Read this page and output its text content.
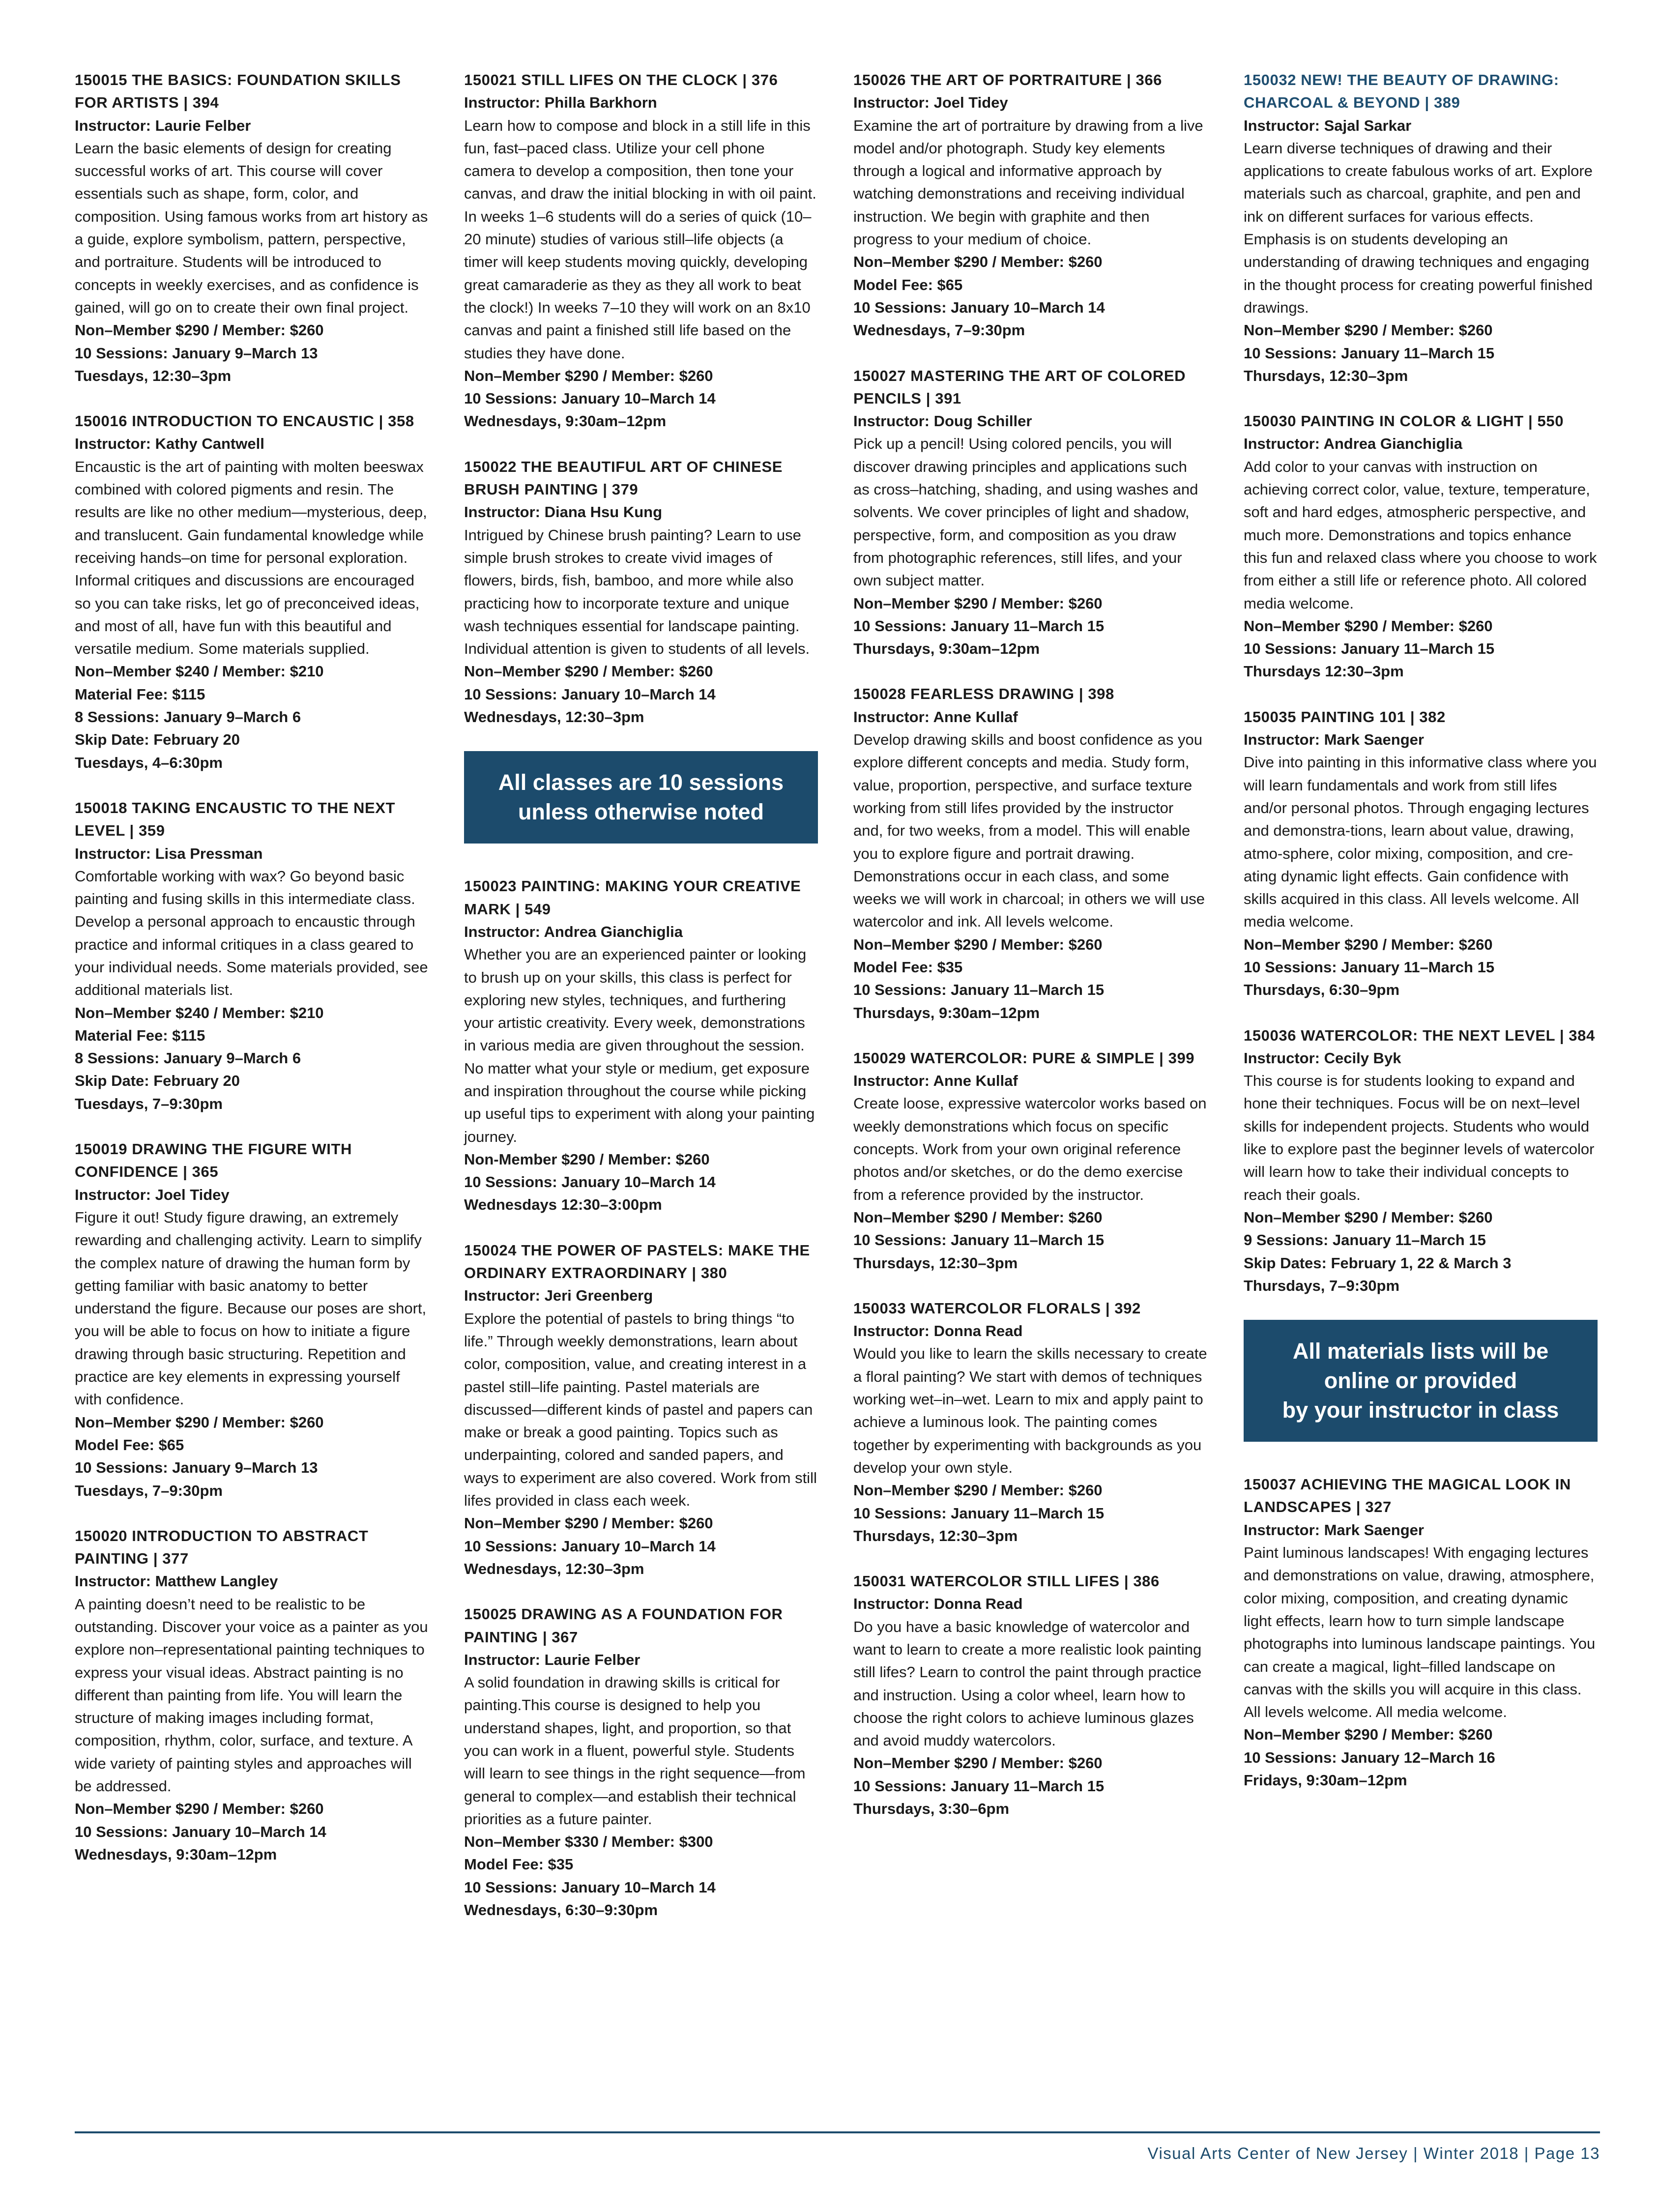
150015 THE BASICS: FOUNDATION SKILLS FOR ARTISTS | 394
Instructor: Laurie Felber
Learn the basic elements of design for creating successful works of art. This course will cover essentials such as shape, form, color, and composition. Using famous works from art history as a guide, explore symbolism, pattern, perspective, and portraiture. Students will be introduced to concepts in weekly exercises, and as confidence is gained, will go on to create their own final project.
Non–Member $290 / Member: $260
10 Sessions: January 9–March 13
Tuesdays, 12:30–3pm
150016 INTRODUCTION TO ENCAUSTIC | 358
Instructor: Kathy Cantwell
Encaustic is the art of painting with molten beeswax combined with colored pigments and resin. The results are like no other medium—mysterious, deep, and translucent. Gain fundamental knowledge while receiving hands–on time for personal exploration. Informal critiques and discussions are encouraged so you can take risks, let go of preconceived ideas, and most of all, have fun with this beautiful and versatile medium. Some materials supplied.
Non–Member $240 / Member: $210
Material Fee: $115
8 Sessions: January 9–March 6
Skip Date: February 20
Tuesdays, 4–6:30pm
150018 TAKING ENCAUSTIC TO THE NEXT LEVEL | 359
Instructor: Lisa Pressman
Comfortable working with wax? Go beyond basic painting and fusing skills in this intermediate class. Develop a personal approach to encaustic through practice and informal critiques in a class geared to your individual needs. Some materials provided, see additional materials list.
Non–Member $240 / Member: $210
Material Fee: $115
8 Sessions: January 9–March 6
Skip Date: February 20
Tuesdays, 7–9:30pm
150019 DRAWING THE FIGURE WITH CONFIDENCE | 365
Instructor: Joel Tidey
Figure it out! Study figure drawing, an extremely rewarding and challenging activity. Learn to simplify the complex nature of drawing the human form by getting familiar with basic anatomy to better understand the figure. Because our poses are short, you will be able to focus on how to initiate a figure drawing through basic structuring. Repetition and practice are key elements in expressing yourself with confidence.
Non–Member $290 / Member: $260
Model Fee: $65
10 Sessions: January 9–March 13
Tuesdays, 7–9:30pm
150020 INTRODUCTION TO ABSTRACT PAINTING | 377
Instructor: Matthew Langley
A painting doesn’t need to be realistic to be outstanding. Discover your voice as a painter as you explore non–representational painting techniques to express your visual ideas. Abstract painting is no different than painting from life. You will learn the structure of making images including format, composition, rhythm, color, surface, and texture. A wide variety of painting styles and approaches will be addressed.
Non–Member $290 / Member: $260
10 Sessions: January 10–March 14
Wednesdays, 9:30am–12pm
150021 STILL LIFES ON THE CLOCK | 376
Instructor: Philla Barkhorn
Learn how to compose and block in a still life in this fun, fast–paced class. Utilize your cell phone camera to develop a composition, then tone your canvas, and draw the initial blocking in with oil paint. In weeks 1–6 students will do a series of quick (10–20 minute) studies of various still–life objects (a timer will keep students moving quickly, developing great camaraderie as they as they all work to beat the clock!) In weeks 7–10 they will work on an 8x10 canvas and paint a finished still life based on the studies they have done.
Non–Member $290 / Member: $260
10 Sessions: January 10–March 14
Wednesdays, 9:30am–12pm
150022 THE BEAUTIFUL ART OF CHINESE BRUSH PAINTING | 379
Instructor: Diana Hsu Kung
Intrigued by Chinese brush painting? Learn to use simple brush strokes to create vivid images of flowers, birds, fish, bamboo, and more while also practicing how to incorporate texture and unique wash techniques essential for landscape painting. Individual attention is given to students of all levels.
Non–Member $290 / Member: $260
10 Sessions: January 10–March 14
Wednesdays, 12:30–3pm
All classes are 10 sessions
unless otherwise noted
150023 PAINTING: MAKING YOUR CREATIVE MARK | 549
Instructor: Andrea Gianchiglia
Whether you are an experienced painter or looking to brush up on your skills, this class is perfect for exploring new styles, techniques, and furthering your artistic creativity. Every week, demonstrations in various media are given throughout the session. No matter what your style or medium, get exposure and inspiration throughout the course while picking up useful tips to experiment with along your painting journey.
Non-Member $290 / Member: $260
10 Sessions: January 10–March 14
Wednesdays 12:30–3:00pm
150024 THE POWER OF PASTELS: MAKE THE ORDINARY EXTRAORDINARY | 380
Instructor: Jeri Greenberg
Explore the potential of pastels to bring things “to life.” Through weekly demonstrations, learn about color, composition, value, and creating interest in a pastel still–life painting. Pastel materials are discussed—different kinds of pastel and papers can make or break a good painting. Topics such as underpainting, colored and sanded papers, and ways to experiment are also covered. Work from still lifes provided in class each week.
Non–Member $290 / Member: $260
10 Sessions: January 10–March 14
Wednesdays, 12:30–3pm
150025 DRAWING AS A FOUNDATION FOR PAINTING | 367
Instructor: Laurie Felber
A solid foundation in drawing skills is critical for painting.This course is designed to help you understand shapes, light, and proportion, so that you can work in a fluent, powerful style. Students will learn to see things in the right sequence—from general to complex—and establish their technical priorities as a future painter.
Non–Member $330 / Member: $300
Model Fee: $35
10 Sessions: January 10–March 14
Wednesdays, 6:30–9:30pm
150026 THE ART OF PORTRAITURE | 366
Instructor: Joel Tidey
Examine the art of portraiture by drawing from a live model and/or photograph. Study key elements through a logical and informative approach by watching demonstrations and receiving individual instruction. We begin with graphite and then progress to your medium of choice.
Non–Member $290 / Member: $260
Model Fee: $65
10 Sessions: January 10–March 14
Wednesdays, 7–9:30pm
150027 MASTERING THE ART OF COLORED PENCILS | 391
Instructor: Doug Schiller
Pick up a pencil! Using colored pencils, you will discover drawing principles and applications such as cross–hatching, shading, and using washes and solvents. We cover principles of light and shadow, perspective, form, and composition as you draw from photographic references, still lifes, and your own subject matter.
Non–Member $290 / Member: $260
10 Sessions: January 11–March 15
Thursdays, 9:30am–12pm
150028 FEARLESS DRAWING | 398
Instructor: Anne Kullaf
Develop drawing skills and boost confidence as you explore different concepts and media. Study form, value, proportion, perspective, and surface texture working from still lifes provided by the instructor and, for two weeks, from a model. This will enable you to explore figure and portrait drawing. Demonstrations occur in each class, and some weeks we will work in charcoal; in others we will use watercolor and ink. All levels welcome.
Non–Member $290 / Member: $260
Model Fee: $35
10 Sessions: January 11–March 15
Thursdays, 9:30am–12pm
150029 WATERCOLOR: PURE & SIMPLE | 399
Instructor: Anne Kullaf
Create loose, expressive watercolor works based on weekly demonstrations which focus on specific concepts. Work from your own original reference photos and/or sketches, or do the demo exercise from a reference provided by the instructor.
Non–Member $290 / Member: $260
10 Sessions: January 11–March 15
Thursdays, 12:30–3pm
150033 WATERCOLOR FLORALS | 392
Instructor: Donna Read
Would you like to learn the skills necessary to create a floral painting? We start with demos of techniques working wet–in–wet. Learn to mix and apply paint to achieve a luminous look. The painting comes together by experimenting with backgrounds as you develop your own style.
Non–Member $290 / Member: $260
10 Sessions: January 11–March 15
Thursdays, 12:30–3pm
150031 WATERCOLOR STILL LIFES | 386
Instructor: Donna Read
Do you have a basic knowledge of watercolor and want to learn to create a more realistic look painting still lifes? Learn to control the paint through practice and instruction. Using a color wheel, learn how to choose the right colors to achieve luminous glazes and avoid muddy watercolors.
Non–Member $290 / Member: $260
10 Sessions: January 11–March 15
Thursdays, 3:30–6pm
150032 NEW! THE BEAUTY OF DRAWING: CHARCOAL & BEYOND | 389
Instructor: Sajal Sarkar
Learn diverse techniques of drawing and their applications to create fabulous works of art. Explore materials such as charcoal, graphite, and pen and ink on different surfaces for various effects. Emphasis is on students developing an understanding of drawing techniques and engaging in the thought process for creating powerful finished drawings.
Non–Member $290 / Member: $260
10 Sessions: January 11–March 15
Thursdays, 12:30–3pm
150030 PAINTING IN COLOR & LIGHT | 550
Instructor: Andrea Gianchiglia
Add color to your canvas with instruction on achieving correct color, value, texture, temperature, soft and hard edges, atmospheric perspective, and much more. Demonstrations and topics enhance this fun and relaxed class where you choose to work from either a still life or reference photo. All colored media welcome.
Non–Member $290 / Member: $260
10 Sessions: January 11–March 15
Thursdays 12:30–3pm
150035 PAINTING 101 | 382
Instructor: Mark Saenger
Dive into painting in this informative class where you will learn fundamentals and work from still lifes and/or personal photos. Through engaging lectures and demonstra-tions, learn about value, drawing, atmo-sphere, color mixing, composition, and cre-ating dynamic light effects. Gain confidence with skills acquired in this class. All levels welcome. All media welcome.
Non–Member $290 / Member: $260
10 Sessions: January 11–March 15
Thursdays, 6:30–9pm
150036 WATERCOLOR: THE NEXT LEVEL | 384
Instructor: Cecily Byk
This course is for students looking to expand and hone their techniques. Focus will be on next–level skills for independent projects. Students who would like to explore past the beginner levels of watercolor will learn how to take their individual concepts to reach their goals.
Non–Member $290 / Member: $260
9 Sessions: January 11–March 15
Skip Dates: February 1, 22 & March 3
Thursdays, 7–9:30pm
All materials lists will be
online or provided
by your instructor in class
150037 ACHIEVING THE MAGICAL LOOK IN LANDSCAPES | 327
Instructor: Mark Saenger
Paint luminous landscapes! With engaging lectures and demonstrations on value, drawing, atmosphere, color mixing, composition, and creating dynamic light effects, learn how to turn simple landscape photographs into luminous landscape paintings. You can create a magical, light–filled landscape on canvas with the skills you will acquire in this class. All levels welcome. All media welcome.
Non–Member $290 / Member: $260
10 Sessions: January 12–March 16
Fridays, 9:30am–12pm
Visual Arts Center of New Jersey | Winter 2018 | Page 13
